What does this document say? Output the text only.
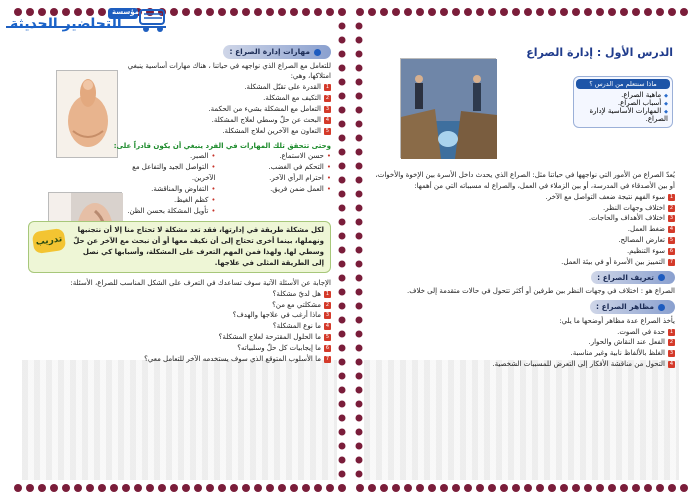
مؤسسة
التحاضير الحديثة
مهارات إدارة الصراع :

للتعامل مع الصراع الذي نواجهه في حياتنا ، هناك مهارات أساسية ينبغي امتلاكها، وهي:

1
القدرة على تقبّل المشكلة.
2
التكيف مع المشكلة.
3
التعامل مع المشكلة بشيء من الحكمة.
4
البحث عن حلّ وسطي لعلاج المشكلة.
5
التعاون مع الآخرين لعلاج المشكلة.

وحتى تتحقق تلك المهارات في الفرد ينبغي أن يكون قادراً على:

• حسن الاستماع.
• التحكم في الغضب.
• احترام الرأي الآخر.
• العمل ضمن فريق.
• الصبر.
• التواصل الجيد والتفاعل مع الآخرين.
• التفاوض والمناقشة.
• كظم الغيظ.
• تأويل المشكلة بحسن الظن.
تدريب
لكل مشكلة طريقة في إدارتها، فقد تعد مشكلة لا تحتاج منا إلا أن نتجنبها ونهملها، بينما أخرى تحتاج إلى أن نكيف معها أو أن نبحث مع الآخر عن حلّ وسطي لها. ولهذا فمن المهم التعرف على المشكلة، وأسبابها كي نصل إلى الطريقة المثلى في علاجها.

الإجابة عن الأسئلة الآتية سوف تساعدك في التعرف على الشكل المناسب للصراع، الأسئلة:

1
هل لديّ مشكلة؟
2
مشكلتي مع من؟
3
ماذا أرغب في علاجها والهدف؟
4
ما نوع المشكلة؟
5
ما الحلول المقترحة لعلاج المشكلة؟
6
ما إيجابيات كل حلّ وسلبياته؟
7
ما الأسلوب المتوقع الذي سوف يستخدمه الآخر للتعامل معي؟
الدرس الأول : إدارة الصراع
ماذا سنتعلم من الدرس ؟
◆ ماهية الصراع.
◆ أسباب الصراع.
◆ المهارات الأساسية لإدارة الصراع.

يُعدّ الصراع من الأمور التي نواجهها في حياتنا مثل: الصراع الذي يحدث داخل الأسرة بين الإخوة والأخوات، أو بين الأصدقاء في المدرسة، أو بين الزملاء في العمل، والصراع له مسبباته التي من أهمها:

1
سوء الفهم نتيجة ضعف التواصل مع الآخر.
2
اختلاف وجهات النظر.
3
اختلاف الأهداف والحاجات.
4
ضغط العمل.
5
تعارض المصالح.
6
سوء التنظيم.
7
التمييز بين الأسرة أو في بيئة العمل.
تعريف الصراع :

الصراع هو : اختلاف في وجهات النظر بين طرفين أو أكثر تتحول في حالات متقدمة إلى خلاف.

مظاهر الصراع :

يأخذ الصراع عدة مظاهر أوضحها ما يلي:

1
حدة في الصوت.
2
الفعل عند النقاش والحوار.
3
الغلظ بالألفاظ نابية وغير مناسبة.
4
التحول من مناقشة الأفكار إلى التعرض للمسببات الشخصية.
